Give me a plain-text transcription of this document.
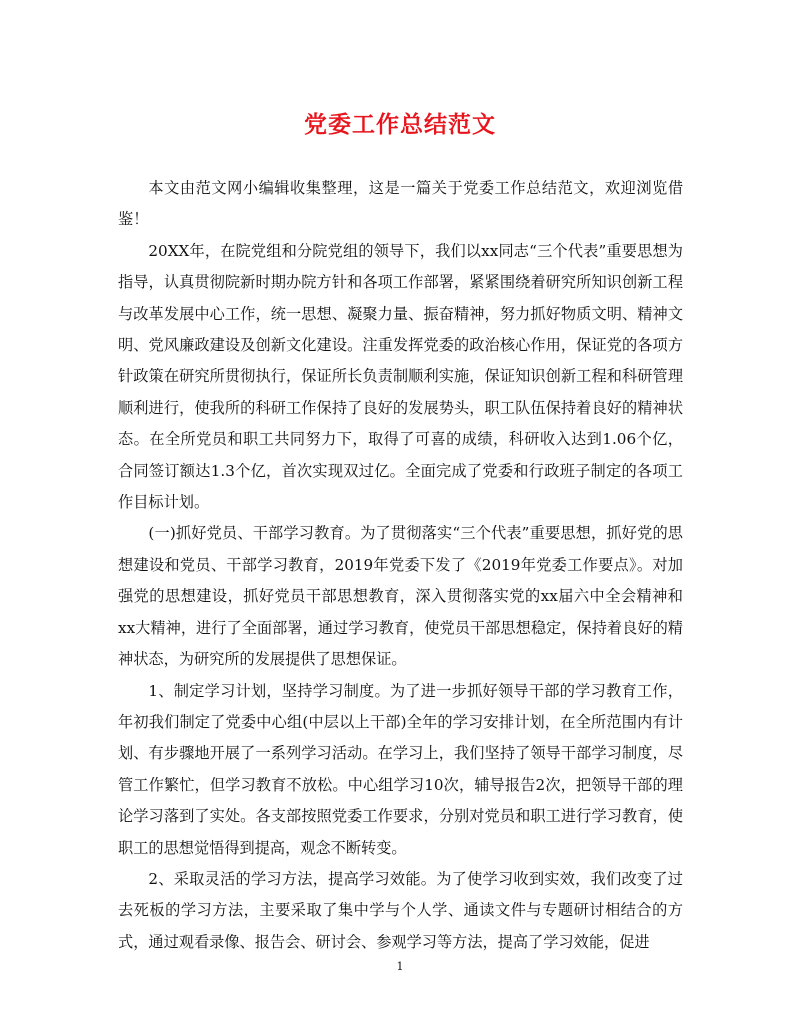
党委工作总结范文

本文由范文网小编辑收集整理，这是一篇关于党委工作总结范文，欢迎浏览借鉴！

20XX年，在院党组和分院党组的领导下，我们以xx同志“三个代表”重要思想为指导，认真贯彻院新时期办院方针和各项工作部署，紧紧围绕着研究所知识创新工程与改革发展中心工作，统一思想、凝聚力量、振奋精神，努力抓好物质文明、精神文明、党风廉政建设及创新文化建设。注重发挥党委的政治核心作用，保证党的各项方针政策在研究所贯彻执行，保证所长负责制顺利实施，保证知识创新工程和科研管理顺利进行，使我所的科研工作保持了良好的发展势头，职工队伍保持着良好的精神状态。在全所党员和职工共同努力下，取得了可喜的成绩，科研收入达到1.06个亿，合同签订额达1.3个亿，首次实现双过亿。全面完成了党委和行政班子制定的各项工作目标计划。

(一)抓好党员、干部学习教育。为了贯彻落实“三个代表”重要思想，抓好党的思想建设和党员、干部学习教育，2019年党委下发了《2019年党委工作要点》。对加强党的思想建设，抓好党员干部思想教育，深入贯彻落实党的xx届六中全会精神和xx大精神，进行了全面部署，通过学习教育，使党员干部思想稳定，保持着良好的精神状态，为研究所的发展提供了思想保证。

1、制定学习计划，坚持学习制度。为了进一步抓好领导干部的学习教育工作，年初我们制定了党委中心组(中层以上干部)全年的学习安排计划，在全所范围内有计划、有步骤地开展了一系列学习活动。在学习上，我们坚持了领导干部学习制度，尽管工作繁忙，但学习教育不放松。中心组学习10次，辅导报告2次，把领导干部的理论学习落到了实处。各支部按照党委工作要求，分别对党员和职工进行学习教育，使职工的思想觉悟得到提高，观念不断转变。

2、采取灵活的学习方法，提高学习效能。为了使学习收到实效，我们改变了过去死板的学习方法，主要采取了集中学与个人学、通读文件与专题研讨相结合的方式，通过观看录像、报告会、研讨会、参观学习等方法，提高了学习效能，促进

1
